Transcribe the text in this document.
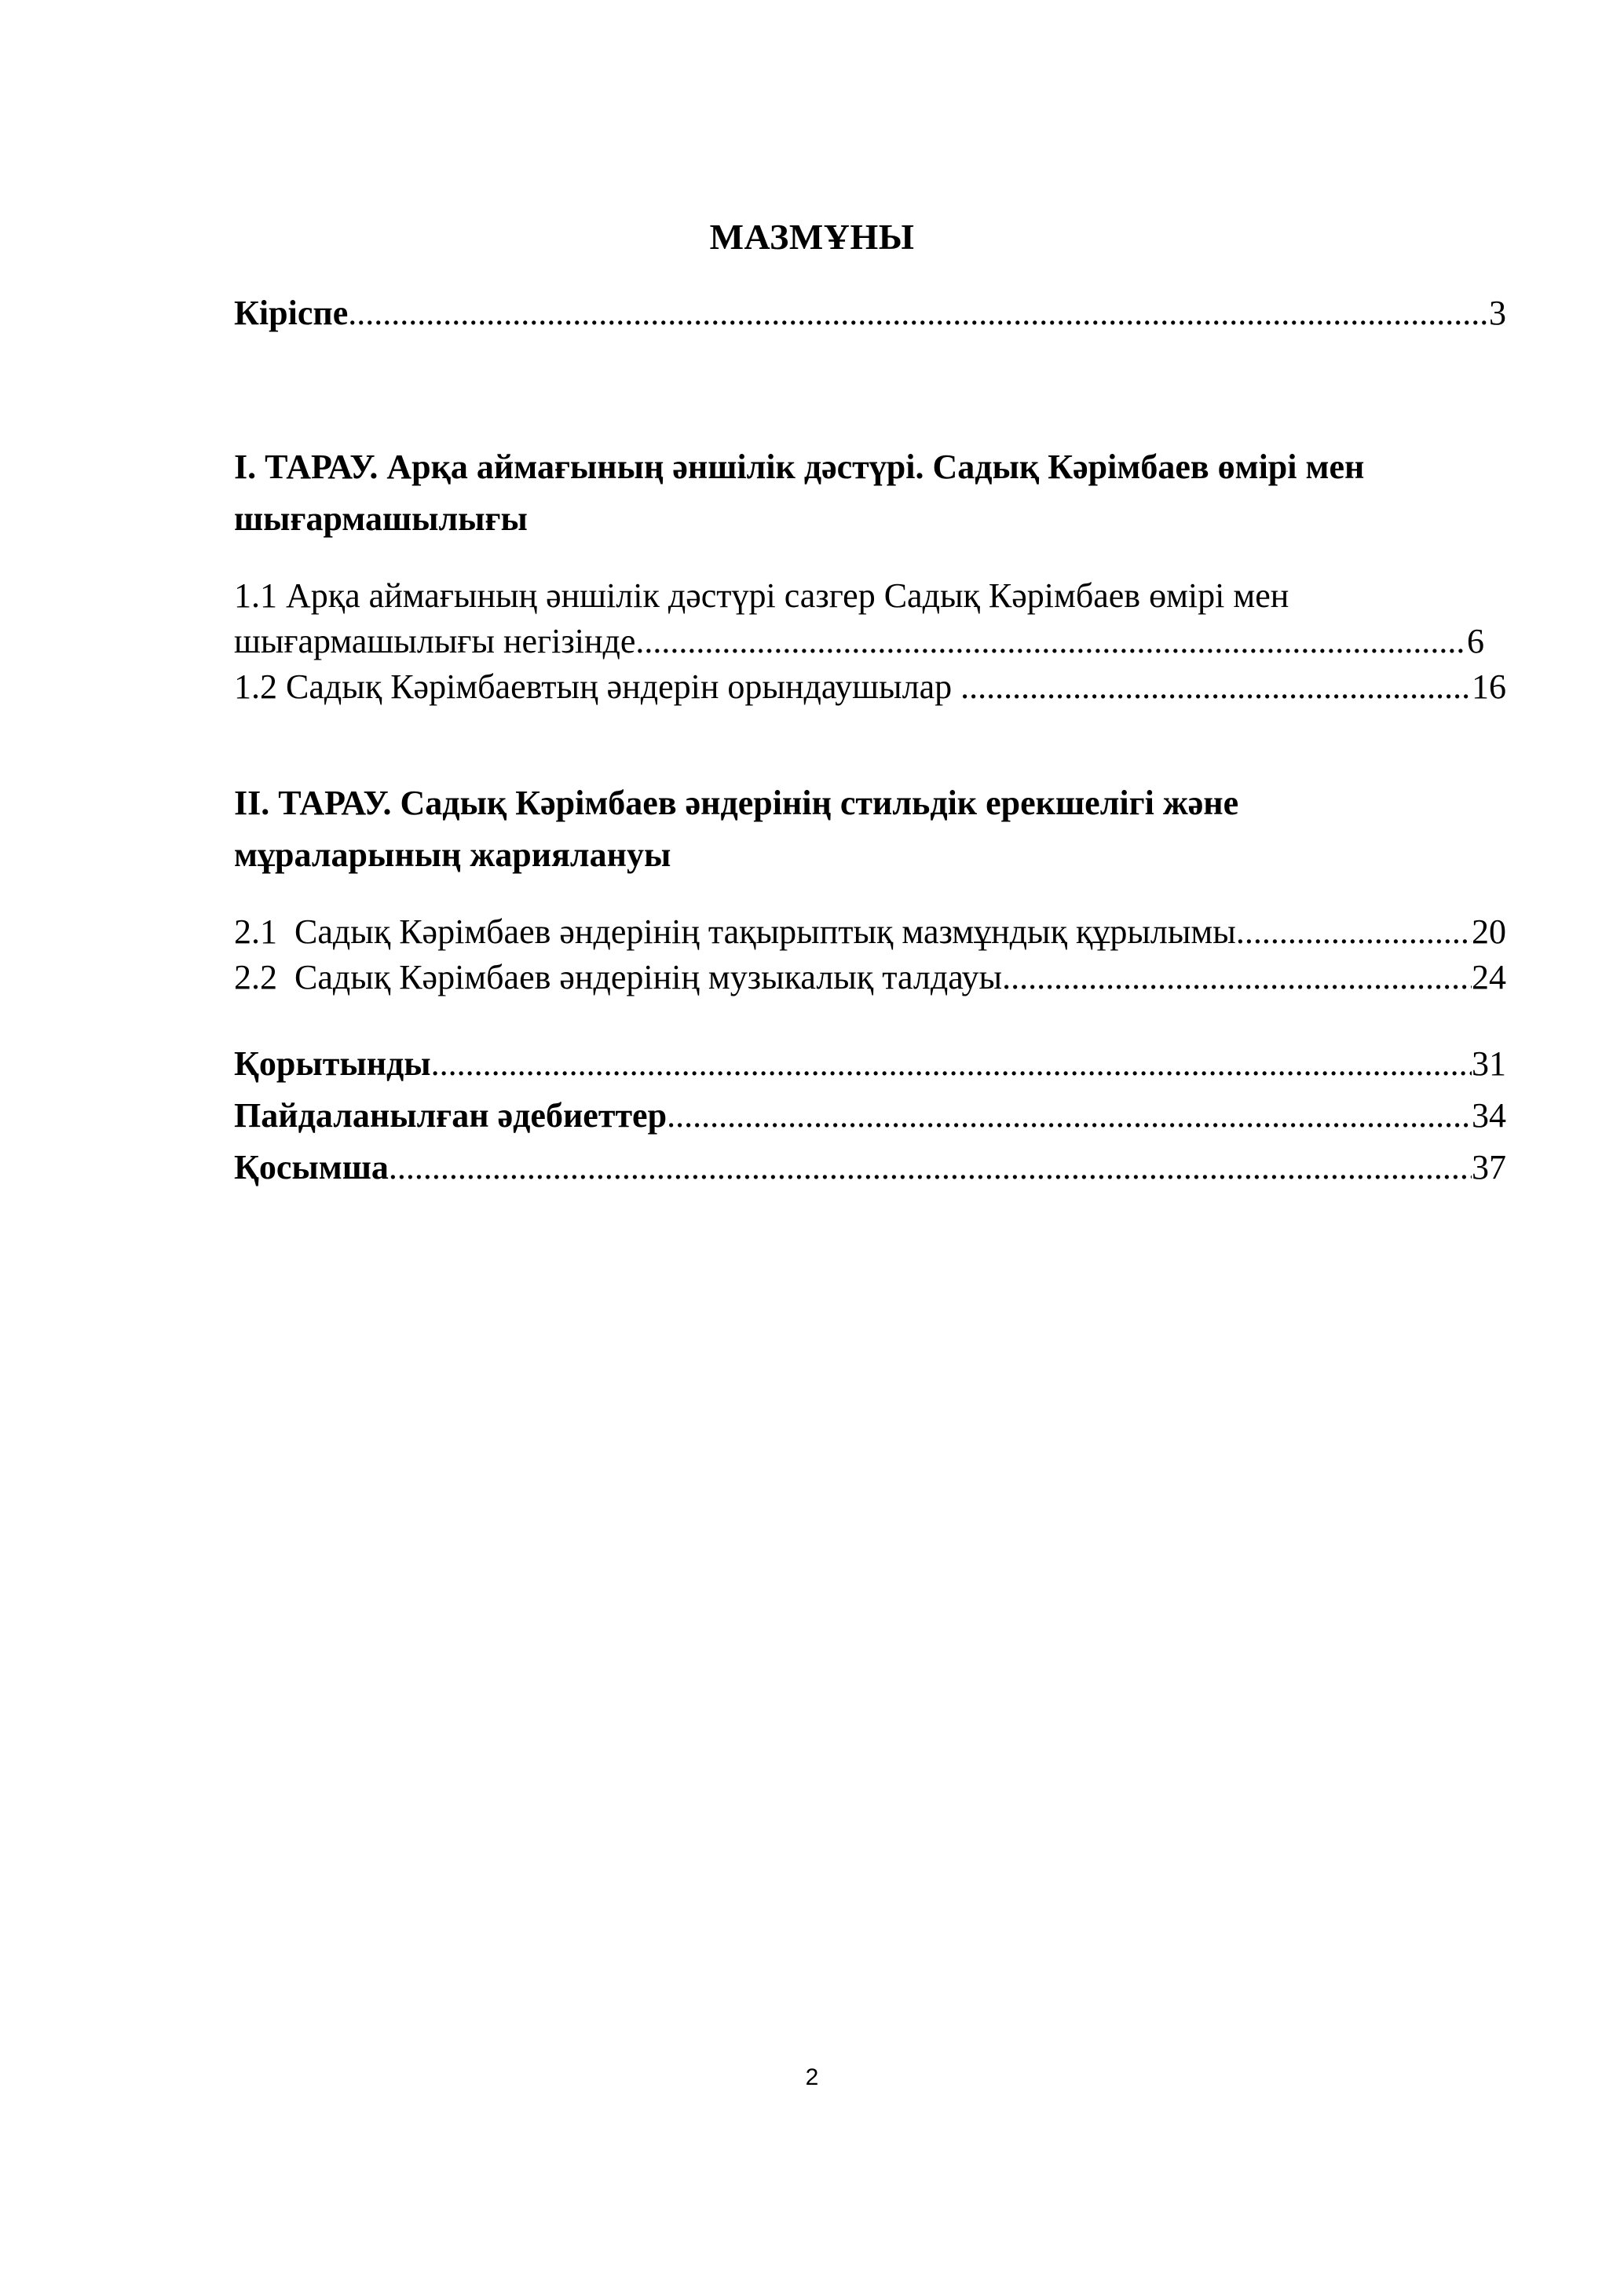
МАЗМҰНЫ
Кіріспе .....	3
І. ТАРАУ. Арқа аймағының әншілік дәстүрі. Садық Кәрімбаев өмірі мен
шығармашылығы
1.1 Арқа аймағының әншілік дәстүрі сазгер Садық Кәрімбаев өмірі мен
шығармашылығы негізінде .....	6
1.2 Садық Кәрімбаевтың әндерін орындаушылар .....	16
ІІ. ТАРАУ. Садық Кәрімбаев әндерінің стильдік ерекшелігі және
мұраларының жариялануы
2.1  Садық Кәрімбаев әндерінің тақырыптық мазмұндық құрылымы .....	20
2.2  Садық Кәрімбаев әндерінің музыкалық талдауы .....	24
Қорытынды .....	31
Пайдаланылған әдебиеттер .....	34
Қосымша .....	37
2
